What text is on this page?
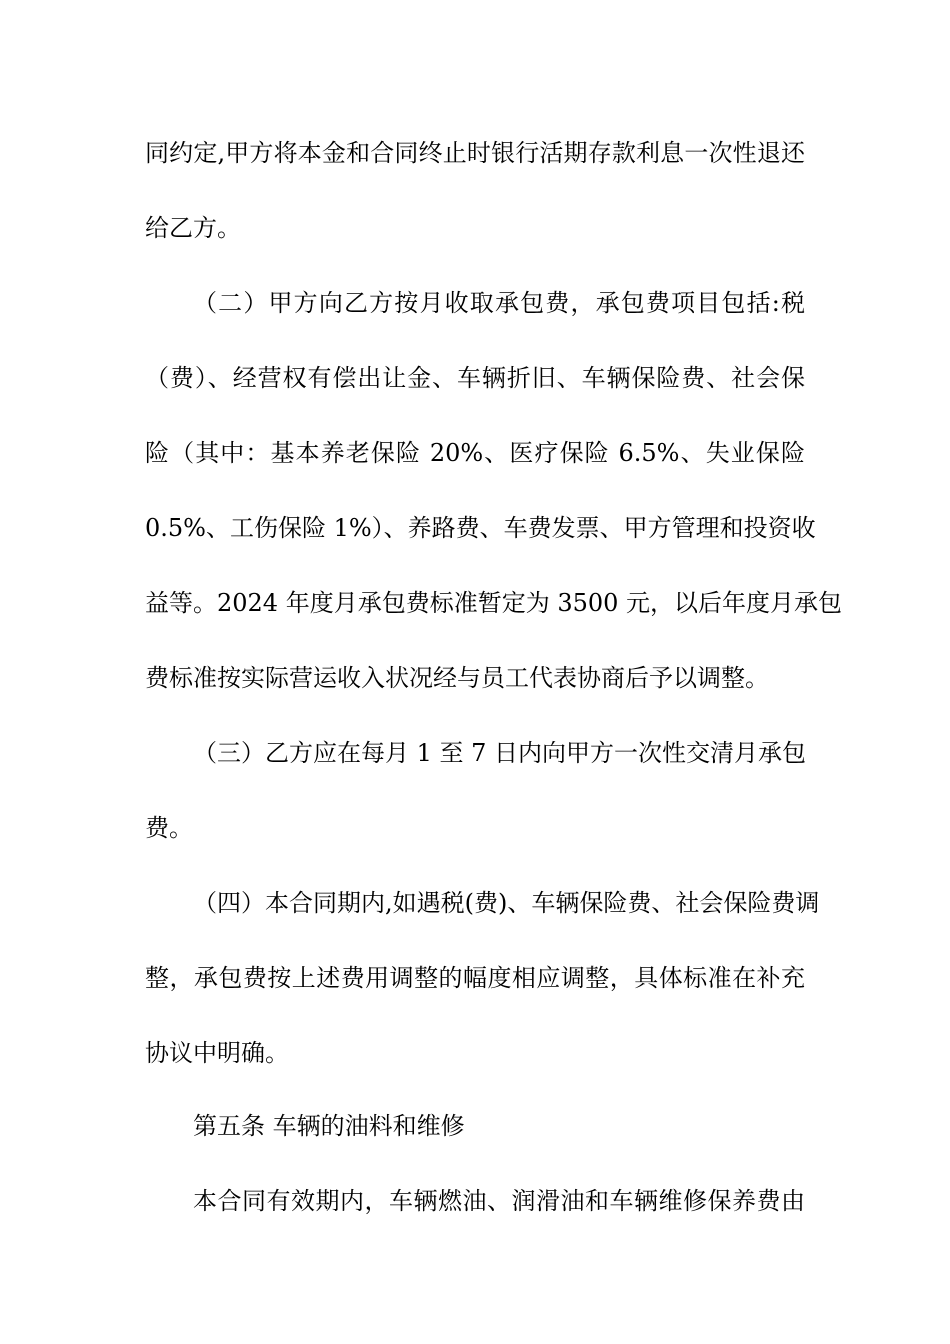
同约定,甲方将本金和合同终止时银行活期存款利息一次性退还
给乙方。
（二）甲方向乙方按月收取承包费，承包费项目包括:税
（费）、经营权有偿出让金、车辆折旧、车辆保险费、社会保
险（其中：基本养老保险 20%、医疗保险 6.5%、失业保险
0.5%、工伤保险 1%）、养路费、车费发票、甲方管理和投资收
益等。2024 年度月承包费标准暂定为 3500 元，以后年度月承包
费标准按实际营运收入状况经与员工代表协商后予以调整。
（三）乙方应在每月 1 至 7 日内向甲方一次性交清月承包
费。
（四）本合同期内,如遇税(费)、车辆保险费、社会保险费调
整，承包费按上述费用调整的幅度相应调整，具体标准在补充
协议中明确。
第五条 车辆的油料和维修
本合同有效期内，车辆燃油、润滑油和车辆维修保养费由
